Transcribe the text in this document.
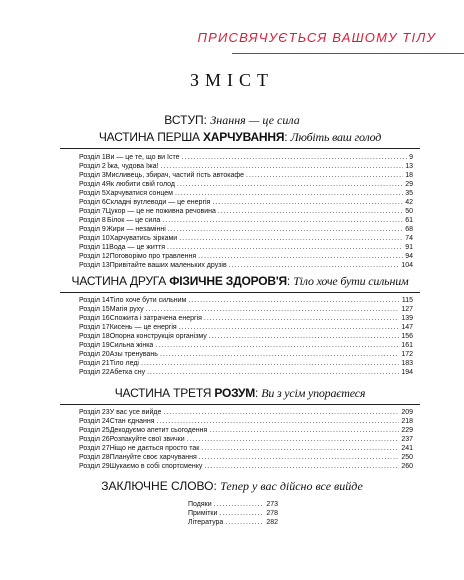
ПРИСВЯЧУЄТЬСЯ ВАШОМУ ТІЛУ
ЗМІСТ
ВСТУП: Знання — це сила
ЧАСТИНА ПЕРША ХАРЧУВАННЯ: Любіть ваш голод
Розділ 1 Ви — це те, що ви їсте .....	9
Розділ 2 Їжа, чудова їжа! .....	13
Розділ 3 Мисливець, збирач, частий гість автокафе .....	18
Розділ 4 Як любити свій голод .....	29
Розділ 5 Харчуватися сонцем .....	35
Розділ 6 Складні вуглеводи — це енергія .....	42
Розділ 7 Цукор — це не поживна речовина .....	50
Розділ 8 Білок — це сила .....	61
Розділ 9 Жири — незамінні .....	68
Розділ 10 Харчуватись зірками .....	74
Розділ 11 Вода — це життя .....	91
Розділ 12 Поговорімо про травлення .....	94
Розділ 13 Привітайте ваших маленьких друзів .....	104
ЧАСТИНА ДРУГА ФІЗИЧНЕ ЗДОРОВ'Я: Тіло хоче бути сильним
Розділ 14 Тіло хоче бути сильним .....	115
Розділ 15 Магія руху .....	127
Розділ 16 Спожита і затрачена енергія .....	139
Розділ 17 Кисень — це енергія .....	147
Розділ 18 Опорна конструкція організму .....	156
Розділ 19 Сильна жінка .....	161
Розділ 20 Азы тренувань .....	172
Розділ 21 Тіло леді .....	183
Розділ 22 Абетка сну .....	194
ЧАСТИНА ТРЕТЯ РОЗУМ: Ви з усім упораєтеся
Розділ 23 У вас усе вийде .....	209
Розділ 24 Стан єднання .....	218
Розділ 25 Декодуємо апетит сьогодення .....	229
Розділ 26 Розпакуйте свої звички .....	237
Розділ 27 Ніщо не дається просто так .....	241
Розділ 28 Плануйте своє харчування .....	250
Розділ 29 Шукаємо в собі спортсменку .....	260
ЗАКЛЮЧНЕ СЛОВО: Тепер у вас дійсно все вийде
Подяки .....	273
Примітки .....	278
Література .....	282
